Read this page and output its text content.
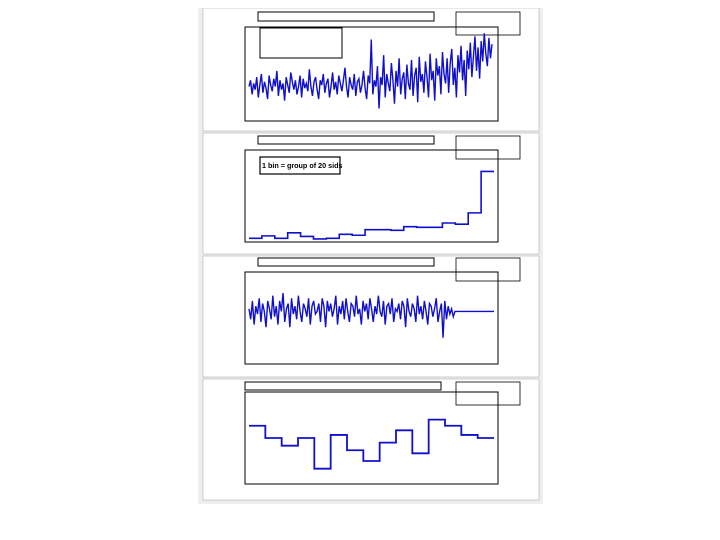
1 bin = group of 20 sids
